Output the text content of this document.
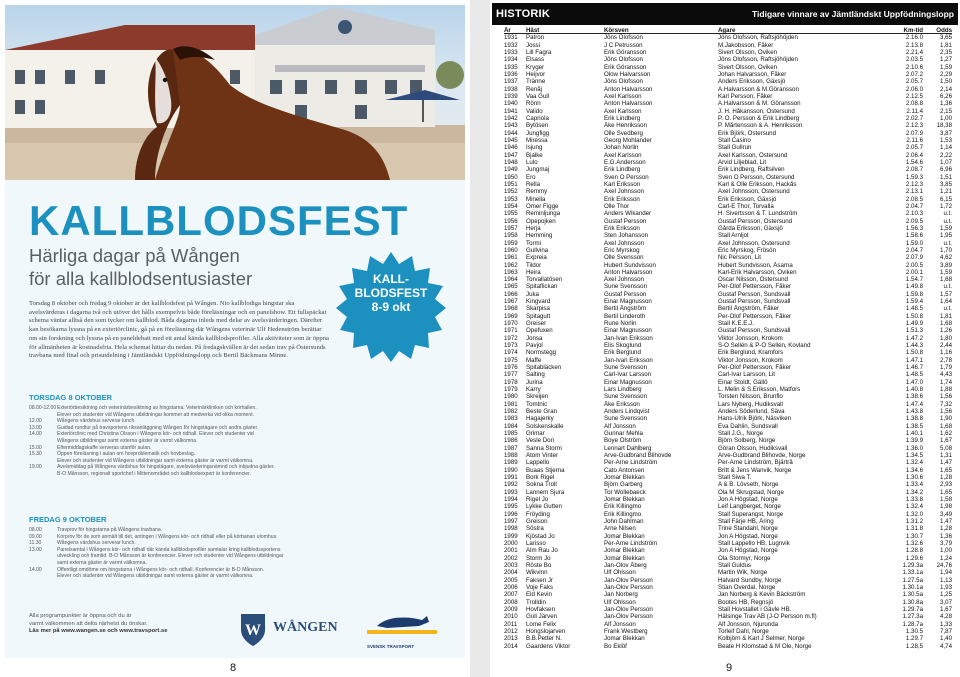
KALLBLODSFEST
Härliga dagar på Wången
för alla kallblodsentusiaster	KALL-
BLODSFEST
8-9 okt
Torsdag 8 oktober och fredag 9 oktober är det kallblodsfest på Wången. Nio kallblodiga hingstar ska avelsvärderas i dagarna två och utöver det hålls exempelvis både föreläsningar och en panelshow. Ett fullspäckat schema väntar alltså den som tycker om kallblod. Båda dagarna inleds med delar av avelsvärderingen. Därefter kan besökarna lyssna på en exteriörclinic, gå på en föreläsning där Wångens veterinär Ulf Hedenström berättar om sin forskning och lyssna på en paneldebatt med ett antal kända kallblodsprofiler. Alla aktiviteter som är öppna för allmänheten är kostnadsfria. Hela schemat hittar du nedan. På fredagskvällen är det sedan trav på Östersunds travbana med final och prisutdelning i Jämtländskt Uppfödningslopp och Bertil Bäckmans Minne.
TORSDAG 8 OKTOBER
08.00-12.00 Exteriörbesiktning och veterinärbesiktning av hingstarna. Veterinärkliniken och körhallen.
Elever och studenter vid Wångens utbildningar kommer att medverka vid olika moment.
12.00	Wångens värdshus serverar lunch.
13.00	Guidad rundtur på travsportens riksanläggning Wången för hingstägare och andra gäster.
14.00	Exteriörclinic med Christina Olsson i Wångens kör- och ridhall. Elever och studenter vid
Wångens utbildningar samt externa gäster är varmt välkomna.
15.00	Eftermiddagskaffe serveras utanför aulan.
15.30	Öppen föreläsning i aulan om hovproblematik och hovbeslag.
Elever och studenter vid Wångens utbildningar samt externa gäster är varmt välkomna.
19.00	Avelsmiddag på Wångens värdshus för hingstägare, avelsvärderingsnämnd och inbjudna gäster.
B-O Månsson, regionalt sportchef i Mittenområdet och kallblodsexpert är konferencier.
FREDAG 9 OKTOBER
08.00	Travprov för hingstarna på Wångens travbana.
09.00	Körprov för de som anmält till det, antingen i Wångens kör- och ridhall eller på körbanan utomhus.
11.30	Wångens värdshus serverar lunch.
13.00	Panelsamtal i Wångens kör- och ridhall där kända kallblodsprofiler samtalar kring kallblodssportens
utveckling och framtid. B-O Månsson är konferencier. Elever och studenter vid Wångens utbildningar
samt externa gäster är varmt välkomna.
14.00	Offentligt omdöme om hingstarna i Wångens kör- och ridhall. Konferencier är B-O Månsson.
Elever och studenter vid Wångens utbildningar samt externa gäster är varmt välkomna.
Alla programpunkter är öppna och du är
varmt välkommen att delta närhelst du önskar.
Läs mer på www.wangen.se och www.travsport.se	W WÅNGEN
SVENSK TRAVSPORT
8
HISTORIK	Tidigare vinnare av Jämtländskt Uppfödningslopp
År	Häst	Körsven	Ägare	Km-tid	Odds
1931	Patron	Jöns Olofsson	Jöns Olofsson, Raftsjöhöjden	2.16.0	3,65
1932	Jossi	J C Petrusson	M.Jakobsson, Fåker	2.13.8	1,81
1933	Lill Fagra	Erik Göransson	Sivert Olsson, Oviken	2.21.4	2,35
1934	Elsass	Jöns Olofsson	Jöns Olofsson, Raftsjöhöjden	2.03.5	1,27
1935	Kryger	Erik Göransson	Sivert Olsson, Oviken	2.10.6	1,59
1936	Heijvor	Olow Halvarsson	Johan Halvarsson, Fåker	2.07.2	2,29
1937	Tränne	Jöns Olofsson	Anders Eriksson, Gäxsjö	2.05.7	1,50
1938	Renåj	Anton Halvarsson	A.Halvarsson & M.Göransson	2.06.0	2,14
1939	Vaa Gull	Axel Karlsson	Karl Persson, Fåker	2.12.5	6,26
1940	Rönn	Anton Halvarsson	A.Halvarsson & M. Göransson	2.08.8	1,36
1941	Valido	Axel Karlsson	J. H. Håkansson, Östersund	2.11.4	2,15
1942	Capriola	Erik Lindberg	P. O. Persson & Erik Lindberg	2.02.7	1,00
1943	Bytösen	Åke Henriksson	P. Mårtensson & A. Henriksson	2.12.3	18,38
1944	Jungfigg	Olle Svedberg	Erik Björk, Östersund	2.07.9	3,87
1945	Miressa	Georg Mohlander	Stall Casino	2.11.6	1,53
1946	Isjung	Johan Norlin	Stall Gullrun	2.05.7	1,14
1947	Bjalke	Axel Karlsson	Axel Karlsson, Östersund	2.06.4	2,22
1948	Lulo	E.G.Andersson	Arvid Liljeblad, Lit	1.54.6	1,07
1949	Jungmaj	Erik Lindberg	Erik Lindberg, Raftsilven	2.08.7	6,96
1950	Ero	Sven O Persson	Sven O Persson, Östersund	1.59.3	1,51
1951	Rella	Karl Eriksson	Karl & Olle Eriksson, Hackås	2.12.3	3,85
1952	Remmy	Axel Johnsson	Axel Johnsson, Östersund	2.13.1	1,21
1953	Minella	Erik Eriksson	Erik Eriksson, Gäxsjö	2.08.5	6,15
1954	Omer Figge	Olle Thor	Carl-E Thor, Torvalla	2.04.7	1,72
1955	Reminljunga	Anders Wikander	H. Sivertsson & T. Lundström	2.10.3	u.t.
1956	Opepojken	Gustaf Persson	Gustaf Persson, Östersund	2.09.5	u.t.
1957	Herja	Erik Eriksson	Gårda Eriksson, Gäxsjö	1.56.3	1,59
1958	Hemming	Sten Johansson	Stall Arnljot	1.58.6	1,95
1959	Tormi	Axel Johnsson	Axel Johnsson, Östersund	1.59.0	u.t.
1960	Gullvina	Eric Myrskog	Eric Myrskog, Frösön	2.04.7	1,70
1961	Expreia	Olle Svensson	Nic Persson, Lit	2.07.9	4,62
1962	Tildor	Hubert Sundvisson	Hubert Sundvisson, Åsarna	2.00.5	3,89
1963	Heira	Anton Halvarsson	Karl-Erik Halvarsson, Oviken	2.00.1	1,59
1964	Torvallatösen	Axel Johnsson	Oscar Nilsson, Östersund	1.54.7	1,68
1965	Spitaflickan	Sune Svensson	Per-Olof Pettersson, Fåker	1.49.8	u.t.
1966	Juka	Gustaf Persson	Gustaf Persson, Sundsvall	1.59.8	1,57
1967	Kingvard	Einar Magnusson	Gustaf Persson, Sundsvall	1.59.4	1,64
1968	Skarpisa	Bertil Ångström	Bertil Ångström, Fåker	1.48.5	u.t.
1969	Spitagutt	Bertil Linderoth	Per-Olof Pettersson, Fåker	1.50.8	1,81
1970	Greiser	Rune Norlin	Stall K.E.E.J.	1.49.9	1,68
1971	Opefuxen	Einar Magnusson	Gustaf Persson, Sundsvall	1.51.3	1,26
1972	Jonsa	Jan-Ivan Eriksson	Viktor Jonsson, Krokom	1.47.2	1,80
1973	Pavjol	Elis Skoglund	S-O Sellén & P-O Sellén, Kovland	1.44.3	2,44
1974	Normstegg	Erik Berglund	Erik Berglund, Kramfors	1.50.8	1,16
1975	Maffe	Jan-Ivan Eriksson	Viktor Jonsson, Krokom	1.47.1	2,78
1976	Spitabläcken	Sune Svensson	Per-Olof Pettersson, Fåker	1.46.7	1,79
1977	Salting	Carl-Ivar Larsson	Carl-Ivar Larsson, Lit	1.48.5	4,43
1978	Jurina	Einar Magnusson	Einar Stoldt, Gällö	1.47.0	1,74
1979	Karry	Lars Lindberg	L. Melin & S.Eriksson, Matfors	1.40.8	1,88
1980	Skreijen	Sune Svensson	Torsten Nilsson, Brunflo	1.38.6	1,56
1981	Tomtnic	Åke Eriksson	Lars Nyberg, Hudiksvall	1.47.4	7,32
1982	Beste Gran	Anders Lindqvist	Anders Söderlund, Säva	1.43.8	1,56
1983	Hagajerky	Sune Svensson	Hans-Ulrik Björk, Näsviken	1.38.8	1,90
1984	Solskenskalle	Alf Jonsson	Eva Dahlin, Sundsvall	1.38.5	1,68
1985	Grimar	Gunnar Mehla	Stall J.G., Norge	1.40.1	1,62
1986	Vesle Don	Boye Ölström	Björn Solberg, Norge	1.39.9	1,67
1987	Sanna Storm	Lennart Dahlberg	Göran Olsson, Hudiksvall	1.36.0	5,08
1988	Atom Vinter	Arve-Gudbrand Blihovde	Arve-Gudbrand Blihovde, Norge	1.34.5	1,31
1989	Lappello	Per-Arne Lindström	Per-Arne Lindström, Bjärtrå	1.32.4	1,47
1990	Buaas Stjerna	Cato Antonsen	Britt & Jens Wanvik, Norge	1.34.6	1,65
1991	Bork Rigel	Jomar Blekkan	Stall Siwa T.	1.30.6	1,28
1992	Sokna Troll	Björn Garberg	A & B. Lövseth, Norge	1.33.4	2,93
1993	Lannem Sjura	Tor Wollebaeck	Ola M Skrugstad, Norge	1.34.2	1,65
1994	Rigel Jo	Jomar Blekkan	Jon A Högstad, Norge	1.33.8	1,58
1995	Lykke Gutten	Erik Killingmo	Leif Langberget, Norge	1.32.4	1,98
1996	Fröyding	Erik Killingmo	Stall Superangst, Norge	1.32.0	3,49
1997	Greison	John Dahlman	Stall Färje HB, Åring	1.31.2	1,47
1998	Söstra	Arne Nilsen	Trine Standahl, Norge	1.31.8	1,28
1999	Kjöstad Jo	Jomar Blekkan	Jon A Högstad, Norge	1.30.7	1,36
2000	Larisso	Per-Arne Lindström	Stall Lappello HB, Lugnvik	1.32.6	3,79
2001	Alm Rau Jo	Jomar Blekkan	Jon A Högstad, Norge	1.28.8	1,00
2002	Storm Jo	Jomar Blekkan	Ola Stormyr, Norge	1.29.6	1,24
2003	Röste Bo	Jan-Olov Åberg	Stall Guldus	1.29.3a	24,76
2004	Wikvinn	Ulf Ohlsson	Martin Wik, Norge	1.33.1a	1,94
2005	Faksen Jr	Jan-Olov Persson	Halvard Sundby, Norge	1.27.5a	1,13
2006	Voje Faks	Jan-Olov Persson	Stian Överdal, Norge	1.30.1a	1,93
2007	Eld Kevin	Jan Norberg	Jan Norberg & Kevin Bäckström	1.30.5a	1,25
2008	Trolldin	Ulf Ohlsson	Bootes HB, Regnsjö	1.30.8a	3,07
2009	Hovfaksen	Jan-Olov Persson	Stall Hovstallet i Gävle HB.	1.29.7a	1,67
2010	Guli Järven	Jan-Olov Persson	Hälsinge Trav AB (J-O Persson m.fl)	1.27.3a	4,28
2011	Lome Felix	Alf Jonsson	Alf Jonsson, Njurunda	1.28.7a	1,33
2012	Hongslojarven	Frank Westberg	Torleif Dahl, Norge	1.30.5	7,87
2013	B.B.Petter N.	Jomar Blekkan	Kolbjörn & Karl J Selmer, Norge	1.29.7	1,40
2014	Gaardens Viktor	Bo Eklöf	Beate H Klomstad & M Ole, Norge	1.28,5	4,74
9
